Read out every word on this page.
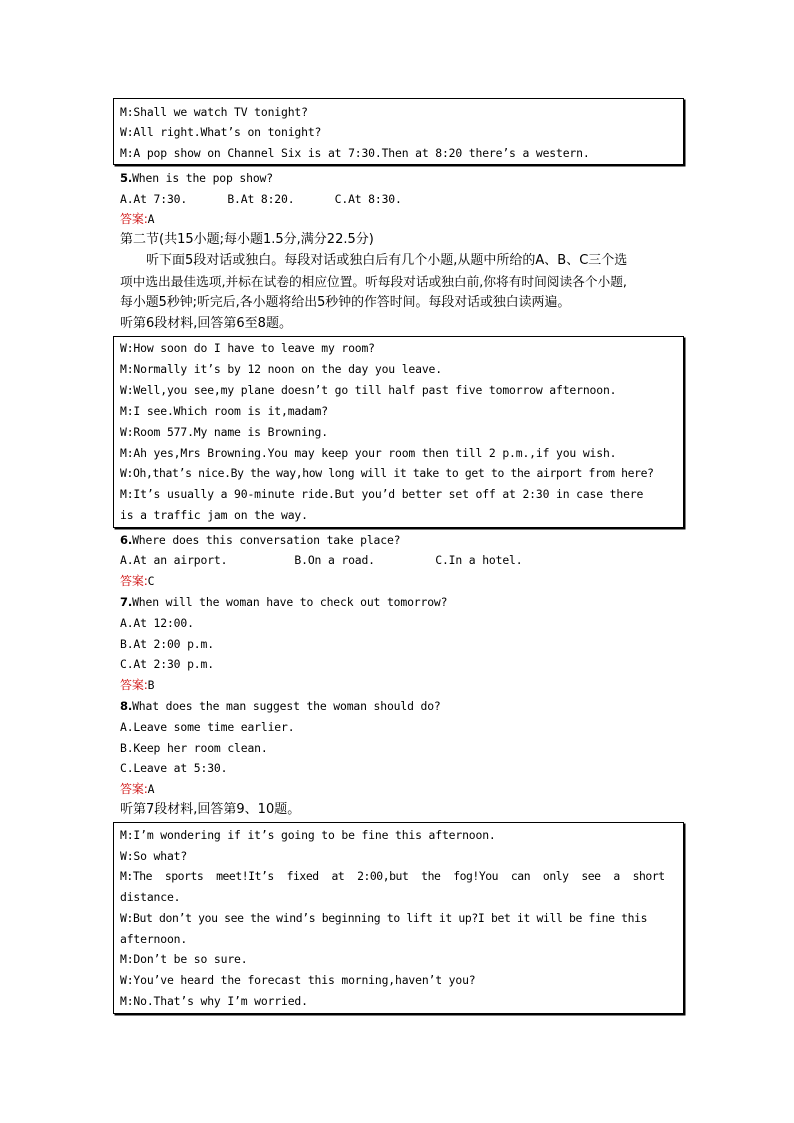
M:Shall we watch TV tonight?
W:All right.What’s on tonight?
M:A pop show on Channel Six is at 7:30.Then at 8:20 there’s a western.
5.When is the pop show?
A.At 7:30.      B.At 8:20.      C.At 8:30.
答案:A
第二节(共15小题;每小题1.5分,满分22.5分)
听下面5段对话或独白。每段对话或独白后有几个小题,从题中所给的A、B、C三个选
项中选出最佳选项,并标在试卷的相应位置。听每段对话或独白前,你将有时间阅读各个小题,
每小题5秒钟;听完后,各小题将给出5秒钟的作答时间。每段对话或独白读两遍。
听第6段材料,回答第6至8题。
W:How soon do I have to leave my room?
M:Normally it’s by 12 noon on the day you leave.
W:Well,you see,my plane doesn’t go till half past five tomorrow afternoon.
M:I see.Which room is it,madam?
W:Room 577.My name is Browning.
M:Ah yes,Mrs Browning.You may keep your room then till 2 p.m.,if you wish.
W:Oh,that’s nice.By the way,how long will it take to get to the airport from here?
M:It’s usually a 90-minute ride.But you’d better set off at 2:30 in case there
is a traffic jam on the way.
6.Where does this conversation take place?
A.At an airport.          B.On a road.         C.In a hotel.
答案:C
7.When will the woman have to check out tomorrow?
A.At 12:00.
B.At 2:00 p.m.
C.At 2:30 p.m.
答案:B
8.What does the man suggest the woman should do?
A.Leave some time earlier.
B.Keep her room clean.
C.Leave at 5:30.
答案:A
听第7段材料,回答第9、10题。
M:I’m wondering if it’s going to be fine this afternoon.
W:So what?
M:The  sports  meet!It’s  fixed  at  2:00,but  the  fog!You  can  only  see  a  short
distance.
W:But don’t you see the wind’s beginning to lift it up?I bet it will be fine this
afternoon.
M:Don’t be so sure.
W:You’ve heard the forecast this morning,haven’t you?
M:No.That’s why I’m worried.
